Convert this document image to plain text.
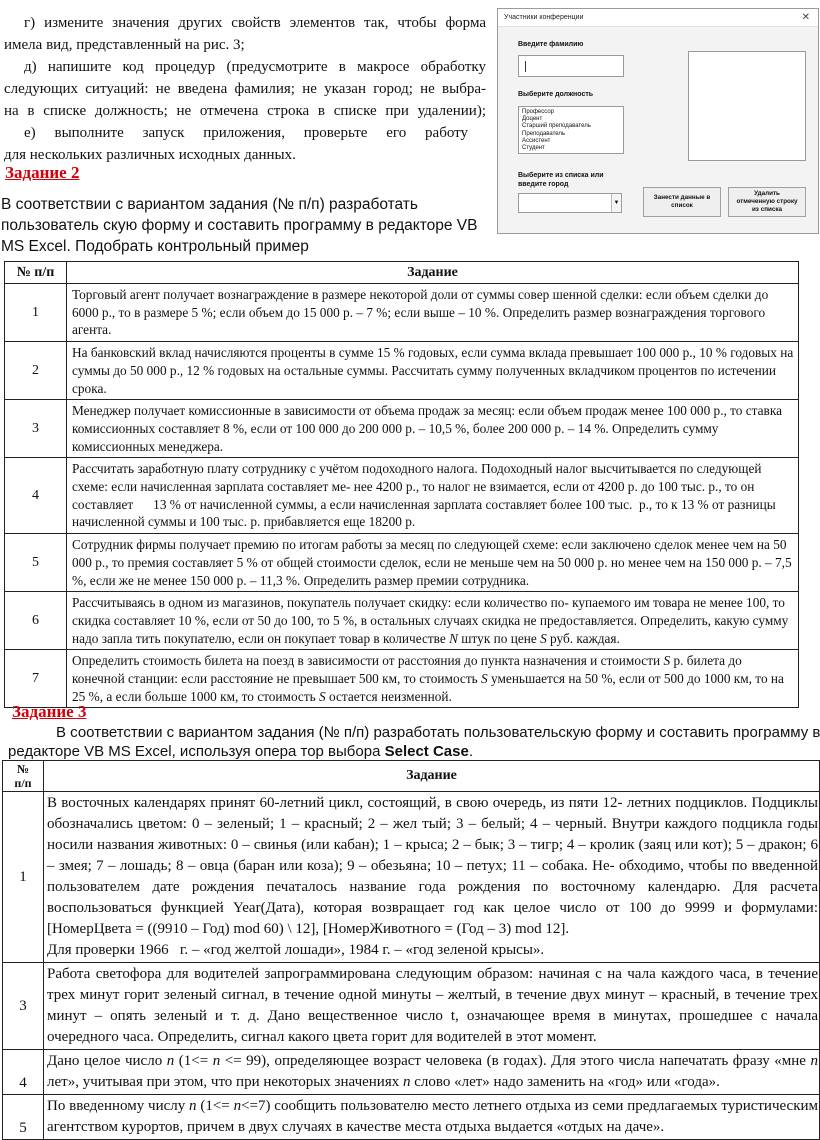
г) измените значения других свойств элементов так, чтобы форма
имела вид, представленный на рис. 3;
д) напишите код процедур (предусмотрите в макросе обработку
следующих ситуаций: не введена фамилия; не указан город; не выбра-
на в списке должность; не отмечена строка в списке при удалении);
е) выполните запуск приложения, проверьте его работу
для нескольких различных исходных данных.
Участники конференции	✕
Введите фамилию
Выберите должность
Профессор
Доцент
Старший преподаватель
Преподаватель
Ассистент
Студент
Выберите из списка или
введите город
▼
Занести данные в
список
Удалить
отмеченную строку
из списка
Задание 2
В соответствии с вариантом задания (№ п/п) разработать
пользователь скую форму и составить программу в редакторе VB
MS Excel. Подобрать контрольный пример
№ п/п	Задание
1	Торговый агент получает вознаграждение в размере некоторой доли от суммы совер шенной сделки: если объем сделки до 6000 р., то в размере 5 %; если объем до 15 000 р. – 7 %; если выше – 10 %. Определить размер вознаграждения торгового агента.
2	На банковский вклад начисляются проценты в сумме 15 % годовых, если сумма вклада превышает 100 000 р., 10 % годовых на суммы до 50 000 р., 12 % годовых на остальные суммы. Рассчитать сумму полученных вкладчиком процентов по истечении срока.
3	Менеджер получает комиссионные в зависимости от объема продаж за месяц: если объем продаж менее 100 000 р., то ставка комиссионных составляет 8 %, если от 100 000 до 200 000 р. – 10,5 %, более 200 000 р. – 14 %. Определить сумму комиссионных менеджера.
4	Рассчитать заработную плату сотруднику с учётом подоходного налога. Подоходный налог высчитывается по следующей схеме: если начисленная зарплата составляет ме- нее 4200 р., то налог не взимается, если от 4200 р. до 100 тыс. р., то он составляет      13 % от начисленной суммы, а если начисленная зарплата составляет более 100 тыс.  р., то к 13 % от разницы начисленной суммы и 100 тыс. р. прибавляется еще 18200 р.
5	Сотрудник фирмы получает премию по итогам работы за месяц по следующей схеме: если заключено сделок менее чем на 50 000 р., то премия составляет 5 % от общей стоимости сделок, если не меньше чем на 50 000 р. но менее чем на 150 000 р. – 7,5 %, если же не менее 150 000 р. – 11,3 %. Определить размер премии сотрудника.
6	Рассчитываясь в одном из магазинов, покупатель получает скидку: если количество по- купаемого им товара не менее 100, то скидка составляет 10 %, если от 50 до 100, то 5 %, в остальных случаях скидка не предоставляется. Определить, какую сумму надо запла тить покупателю, если он покупает товар в количестве N штук по цене S руб. каждая.
7	Определить стоимость билета на поезд в зависимости от расстояния до пункта назначения и стоимости S р. билета до конечной станции: если расстояние не превышает 500 км, то стоимость S уменьшается на 50 %, если от 500 до 1000 км, то на 25 %, а если больше 1000 км, то стоимость S остается неизменной.
Задание 3
В соответствии с вариантом задания (№ п/п) разработать пользовательскую форму и составить программу в
редакторе VB MS Excel, используя опера тор выбора Select Case.
№
п/п	Задание
1	В восточных календарях принят 60-летний цикл, состоящий, в свою очередь, из пяти 12- летних подциклов. Подциклы обозначались цветом: 0 – зеленый; 1 – красный; 2 – жел тый; 3 – белый; 4 – черный. Внутри каждого подцикла годы носили названия животных: 0 – свинья (или кабан); 1 – крыса; 2 – бык; 3 – тигр; 4 – кролик (заяц или кот); 5 – дракон; 6 – змея; 7 – лошадь; 8 – овца (баран или коза); 9 – обезьяна; 10 – петух; 11 – собака. Не- обходимо, чтобы по введенной пользователем дате рождения печаталось название года рождения по восточному календарю. Для расчета воспользоваться функцией Year(Дата), которая возвращает год как целое число от 100 до 9999 и формулами: [НомерЦвета = ((9910 – Год) mod 60) \ 12], [НомерЖивотного = (Год – 3) mod 12].
Для проверки 1966   г. – «год желтой лошади», 1984 г. – «год зеленой крысы».

3	Работа светофора для водителей запрограммирована следующим образом: начиная с на чала каждого часа, в течение трех минут горит зеленый сигнал, в течение одной минуты – желтый, в течение двух минут – красный, в течение трех минут – опять зеленый и т. д. Дано вещественное число t, означающее время в минутах, прошедшее с начала очередного часа. Определить, сигнал какого цвета горит для водителей в этот момент.
4	Дано целое число n (1<= n <= 99), определяющее возраст человека (в годах). Для этого числа напечатать фразу «мне n лет», учитывая при этом, что при некоторых значениях n слово «лет» надо заменить на «год» или «года».
5	По введенному числу n (1<= n<=7) сообщить пользователю место летнего отдыха из семи предлагаемых туристическим агентством курортов, причем в двух случаях в качестве места отдыха выдается «отдых на даче».
